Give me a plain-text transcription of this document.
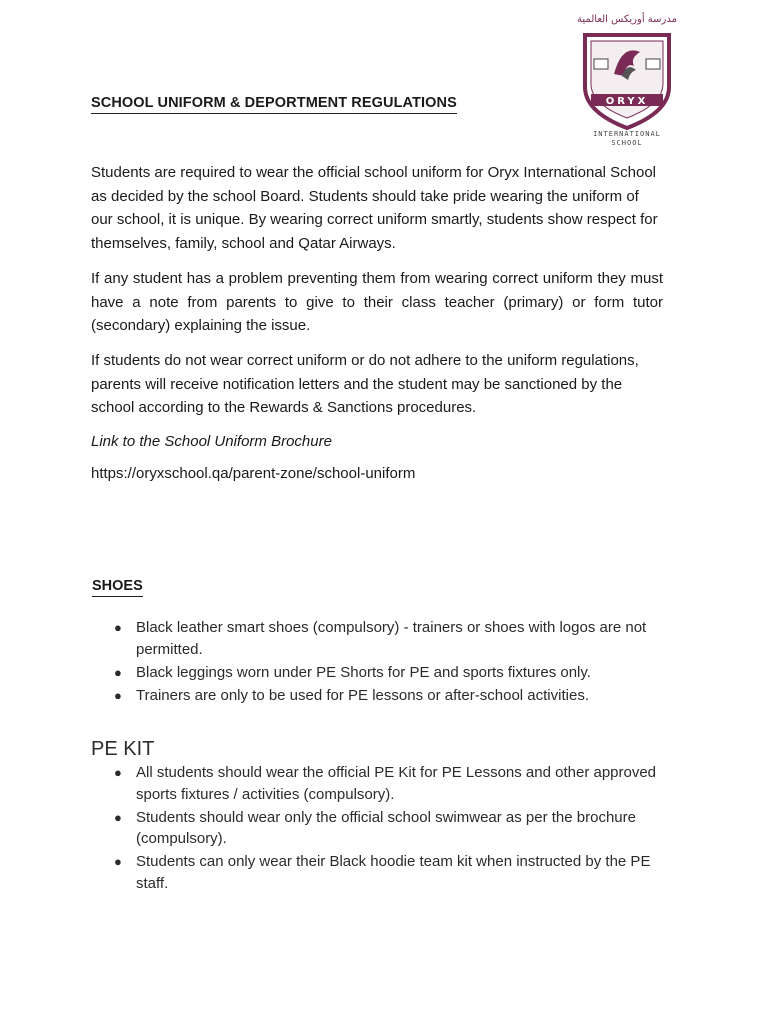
مدرسة أوريكس العالمية
ORYX
INTERNATIONAL
SCHOOL
SCHOOL UNIFORM & DEPORTMENT REGULATIONS

Students are required to wear the official school uniform for Oryx International School as decided by the school Board. Students should take pride wearing the uniform of our school, it is unique. By wearing correct uniform smartly, students show respect for themselves, family, school and Qatar Airways.

If any student has a problem preventing them from wearing correct uniform they must have a note from parents to give to their class teacher (primary) or form tutor (secondary) explaining the issue.

If students do not wear correct uniform or do not adhere to the uniform regulations, parents will receive notification letters and the student may be sanctioned by the school according to the Rewards & Sanctions procedures.

Link to the School Uniform Brochure
https://oryxschool.qa/parent-zone/school-uniform
SHOES
● Black leather smart shoes (compulsory) - trainers or shoes with logos are not permitted.
● Black leggings worn under PE Shorts for PE and sports fixtures only.
● Trainers are only to be used for PE lessons or after-school activities.
PE KIT
● All students should wear the official PE Kit for PE Lessons and other approved sports fixtures / activities (compulsory).
● Students should wear only the official school swimwear as per the brochure (compulsory).
● Students can only wear their Black hoodie team kit when instructed by the PE staff.
